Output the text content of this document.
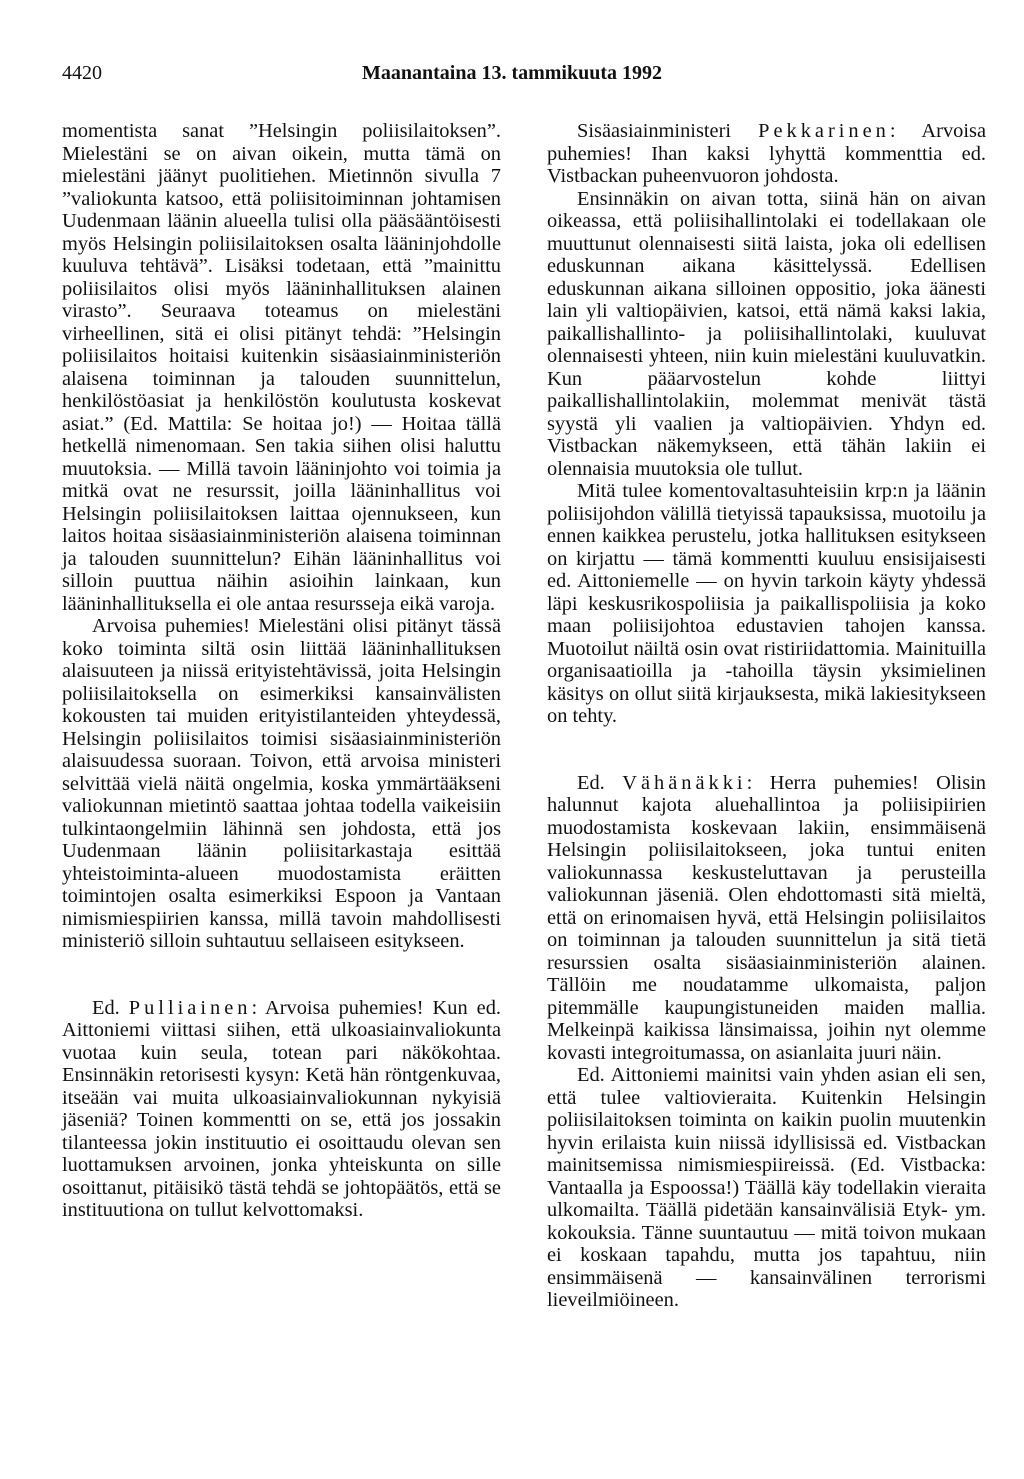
4420	Maanantaina 13. tammikuuta 1992

momentista sanat ”Helsingin poliisilaitoksen”. Mielestäni se on aivan oikein, mutta tämä on mielestäni jäänyt puolitiehen. Mietinnön sivulla 7 ”valiokunta katsoo, että poliisitoiminnan johtamisen Uudenmaan läänin alueella tulisi olla pääsääntöisesti myös Helsingin poliisilaitoksen osalta lääninjohdolle kuuluva tehtävä”. Lisäksi todetaan, että ”mainittu poliisilaitos olisi myös lääninhallituksen alainen virasto”. Seuraava toteamus on mielestäni virheellinen, sitä ei olisi pitänyt tehdä: ”Helsingin poliisilaitos hoitaisi kuitenkin sisäasiainministeriön alaisena toiminnan ja talouden suunnittelun, henkilöstöasiat ja henkilöstön koulutusta koskevat asiat.” (Ed. Mattila: Se hoitaa jo!) — Hoitaa tällä hetkellä nimenomaan. Sen takia siihen olisi haluttu muutoksia. — Millä tavoin lääninjohto voi toimia ja mitkä ovat ne resurssit, joilla lääninhallitus voi Helsingin poliisilaitoksen laittaa ojennukseen, kun laitos hoitaa sisäasiainministeriön alaisena toiminnan ja talouden suunnittelun? Eihän lääninhallitus voi silloin puuttua näihin asioihin lainkaan, kun lääninhallituksella ei ole antaa resursseja eikä varoja.

Arvoisa puhemies! Mielestäni olisi pitänyt tässä koko toiminta siltä osin liittää lääninhallituksen alaisuuteen ja niissä erityistehtävissä, joita Helsingin poliisilaitoksella on esimerkiksi kansainvälisten kokousten tai muiden erityistilanteiden yhteydessä, Helsingin poliisilaitos toimisi sisäasiainministeriön alaisuudessa suoraan. Toivon, että arvoisa ministeri selvittää vielä näitä ongelmia, koska ymmärtääkseni valiokunnan mietintö saattaa johtaa todella vaikeisiin tulkintaongelmiin lähinnä sen johdosta, että jos Uudenmaan läänin poliisitarkastaja esittää yhteistoiminta-alueen muodostamista eräitten toimintojen osalta esimerkiksi Espoon ja Vantaan nimismiespiirien kanssa, millä tavoin mahdollisesti ministeriö silloin suhtautuu sellaiseen esitykseen.

Ed. Pulliainen: Arvoisa puhemies! Kun ed. Aittoniemi viittasi siihen, että ulkoasiainvaliokunta vuotaa kuin seula, totean pari näkökohtaa. Ensinnäkin retorisesti kysyn: Ketä hän röntgenkuvaa, itseään vai muita ulkoasiainvaliokunnan nykyisiä jäseniä? Toinen kommentti on se, että jos jossakin tilanteessa jokin instituutio ei osoittaudu olevan sen luottamuksen arvoinen, jonka yhteiskunta on sille osoittanut, pitäisikö tästä tehdä se johtopäätös, että se instituutiona on tullut kelvottomaksi.

Sisäasiainministeri Pekkarinen: Arvoisa puhemies! Ihan kaksi lyhyttä kommenttia ed. Vistbackan puheenvuoron johdosta.

Ensinnäkin on aivan totta, siinä hän on aivan oikeassa, että poliisihallintolaki ei todellakaan ole muuttunut olennaisesti siitä laista, joka oli edellisen eduskunnan aikana käsittelyssä. Edellisen eduskunnan aikana silloinen oppositio, joka äänesti lain yli valtiopäivien, katsoi, että nämä kaksi lakia, paikallishallinto- ja poliisihallintolaki, kuuluvat olennaisesti yhteen, niin kuin mielestäni kuuluvatkin. Kun pääarvostelun kohde liittyi paikallishallintolakiin, molemmat menivät tästä syystä yli vaalien ja valtiopäivien. Yhdyn ed. Vistbackan näkemykseen, että tähän lakiin ei olennaisia muutoksia ole tullut.

Mitä tulee komentovaltasuhteisiin krp:n ja läänin poliisijohdon välillä tietyissä tapauksissa, muotoilu ja ennen kaikkea perustelu, jotka hallituksen esitykseen on kirjattu — tämä kommentti kuuluu ensisijaisesti ed. Aittoniemelle — on hyvin tarkoin käyty yhdessä läpi keskusrikospoliisia ja paikallispoliisia ja koko maan poliisijohtoa edustavien tahojen kanssa. Muotoilut näiltä osin ovat ristiriidattomia. Mainituilla organisaatioilla ja -tahoilla täysin yksimielinen käsitys on ollut siitä kirjauksesta, mikä lakiesitykseen on tehty.

Ed. Vähänäkki: Herra puhemies! Olisin halunnut kajota aluehallintoa ja poliisipiirien muodostamista koskevaan lakiin, ensimmäisenä Helsingin poliisilaitokseen, joka tuntui eniten valiokunnassa keskusteluttavan ja perusteilla valiokunnan jäseniä. Olen ehdottomasti sitä mieltä, että on erinomaisen hyvä, että Helsingin poliisilaitos on toiminnan ja talouden suunnittelun ja sitä tietä resurssien osalta sisäasiainministeriön alainen. Tällöin me noudatamme ulkomaista, paljon pitemmälle kaupungistuneiden maiden mallia. Melkeinpä kaikissa länsimaissa, joihin nyt olemme kovasti integroitumassa, on asianlaita juuri näin.

Ed. Aittoniemi mainitsi vain yhden asian eli sen, että tulee valtiovieraita. Kuitenkin Helsingin poliisilaitoksen toiminta on kaikin puolin muutenkin hyvin erilaista kuin niissä idyllisissä ed. Vistbackan mainitsemissa nimismiespiireissä. (Ed. Vistbacka: Vantaalla ja Espoossa!) Täällä käy todellakin vieraita ulkomailta. Täällä pidetään kansainvälisiä Etyk- ym. kokouksia. Tänne suuntautuu — mitä toivon mukaan ei koskaan tapahdu, mutta jos tapahtuu, niin ensimmäisenä — kansainvälinen terrorismi lieveilmiöineen.
